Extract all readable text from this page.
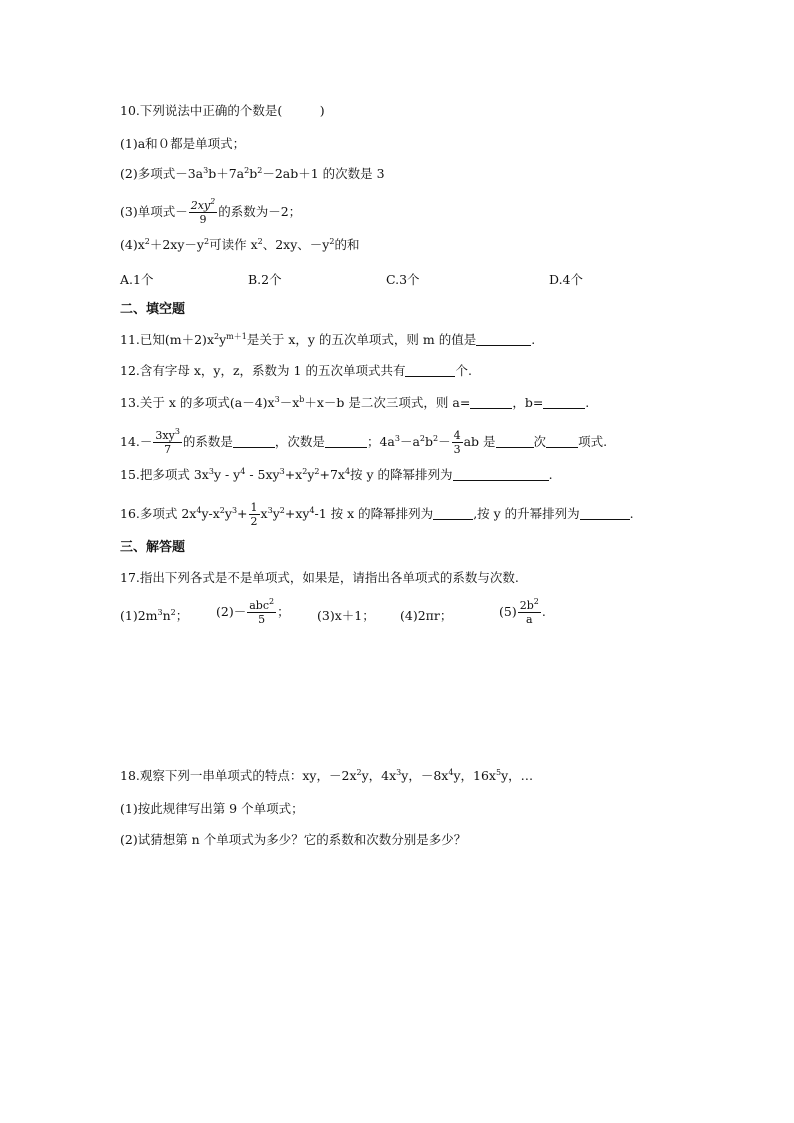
10.下列说法中正确的个数是(　　　)
(1)a和０都是单项式；
(2)多项式$-3a^3b+7a^2b^2-2ab+1$ 的次数是 3
(3)单项式－ $\frac{2xy^2}{9}$ 的系数为－2；
$(4)x^2+2xy-y^2$可读作 $x^2$、2xy、$-y^2$的和
A.1个	B.2个	C.3个	D.4个
二、填空题
11.已知$(m+2)x^2y^{m+1}$是关于 x，y 的五次单项式，则 m 的值是	.
12.含有字母 x，y，z，系数为 1 的五次单项式共有	个.
13.关于 x 的多项式$(a-4)x^3-x^b+x-b$ 是二次三项式，则 a=	，b=	.
$14.- \frac{3xy^3}{7}$ 的系数是	，次数是	；$4a^3-a^2b^2- \frac{4}{3}$ ab 是	次	项式.
15.把多项式 $3x^3y - y^4 - 5xy^3+x^2y^2+7x^4$按 y 的降幂排列为	.
16.多项式 $2x^4y-x^2y^3+ \frac{1}{2} x^3y^2+xy^4-1$ 按 x 的降幂排列为	,按 y 的升幂排列为	.
三、解答题
17.指出下列各式是不是单项式，如果是，请指出各单项式的系数与次数.
$(1)2m^3n^2$； $(2)- \frac{abc^2}{5}$ ； (3)x＋1； (4)2πr；	$(5) \frac{2b^2}{a}$ .
18.观察下列一串单项式的特点：xy，$-2x^2y$，$4x^3y$，$-8x^4y$，$16x^5y$，…
(1)按此规律写出第 9 个单项式；
(2)试猜想第 n 个单项式为多少？它的系数和次数分别是多少？
